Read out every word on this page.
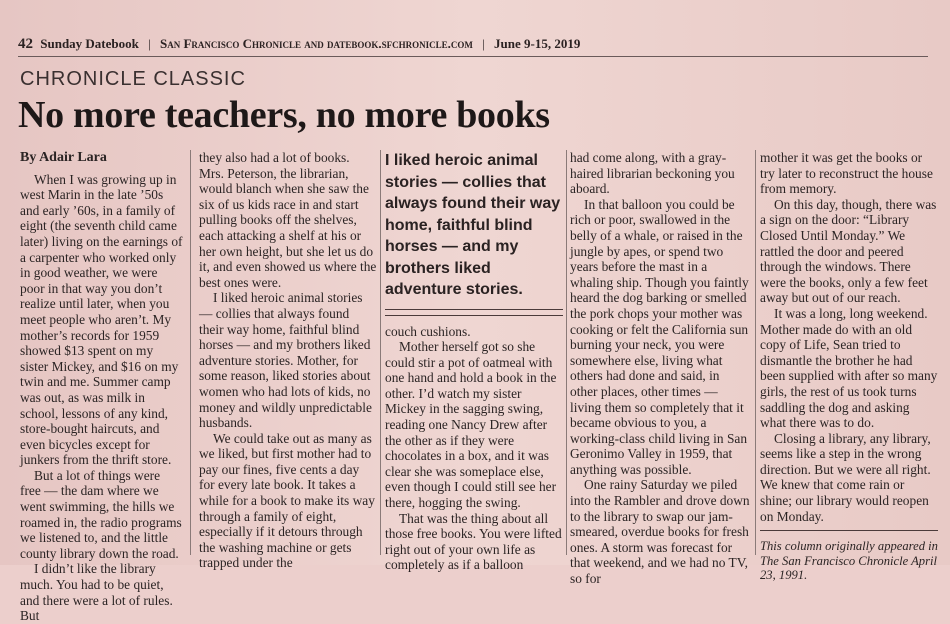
42 Sunday Datebook | San Francisco Chronicle and datebook.sfchronicle.com | June 9-15, 2019
CHRONICLE CLASSIC
No more teachers, no more books
By Adair Lara

When I was growing up in west Marin in the late ’50s and early ’60s, in a family of eight (the seventh child came later) living on the earnings of a carpenter who worked only in good weather, we were poor in that way you don’t realize until later, when you meet people who aren’t. My mother’s records for 1959 showed $13 spent on my sister Mickey, and $16 on my twin and me. Summer camp was out, as was milk in school, lessons of any kind, store-bought haircuts, and even bicycles except for junkers from the thrift store.

But a lot of things were free — the dam where we went swimming, the hills we roamed in, the radio programs we listened to, and the little county library down the road.

I didn’t like the library much. You had to be quiet, and there were a lot of rules. But

they also had a lot of books. Mrs. Peterson, the librarian, would blanch when she saw the six of us kids race in and start pulling books off the shelves, each attacking a shelf at his or her own height, but she let us do it, and even showed us where the best ones were.

I liked heroic animal stories — collies that always found their way home, faithful blind horses — and my brothers liked adventure stories. Mother, for some reason, liked stories about women who had lots of kids, no money and wildly unpredictable husbands.

We could take out as many as we liked, but first mother had to pay our fines, five cents a day for every late book. It takes a while for a book to make its way through a family of eight, especially if it detours through the washing machine or gets trapped under the

I liked heroic animal stories — collies that always found their way home, faithful blind horses — and my brothers liked adventure stories.

couch cushions.

Mother herself got so she could stir a pot of oatmeal with one hand and hold a book in the other. I’d watch my sister Mickey in the sagging swing, reading one Nancy Drew after the other as if they were chocolates in a box, and it was clear she was someplace else, even though I could still see her there, hogging the swing.

That was the thing about all those free books. You were lifted right out of your own life as completely as if a balloon

had come along, with a gray-haired librarian beckoning you aboard.

In that balloon you could be rich or poor, swallowed in the belly of a whale, or raised in the jungle by apes, or spend two years before the mast in a whaling ship. Though you faintly heard the dog barking or smelled the pork chops your mother was cooking or felt the California sun burning your neck, you were somewhere else, living what others had done and said, in other places, other times — living them so completely that it became obvious to you, a working-class child living in San Geronimo Valley in 1959, that anything was possible.

One rainy Saturday we piled into the Rambler and drove down to the library to swap our jam-smeared, overdue books for fresh ones. A storm was forecast for that weekend, and we had no TV, so for

mother it was get the books or try later to reconstruct the house from memory.

On this day, though, there was a sign on the door: “Library Closed Until Monday.” We rattled the door and peered through the windows. There were the books, only a few feet away but out of our reach.

It was a long, long weekend. Mother made do with an old copy of Life, Sean tried to dismantle the brother he had been supplied with after so many girls, the rest of us took turns saddling the dog and asking what there was to do.

Closing a library, any library, seems like a step in the wrong direction. But we were all right. We knew that come rain or shine; our library would reopen on Monday.

This column originally appeared in The San Francisco Chronicle April 23, 1991.
